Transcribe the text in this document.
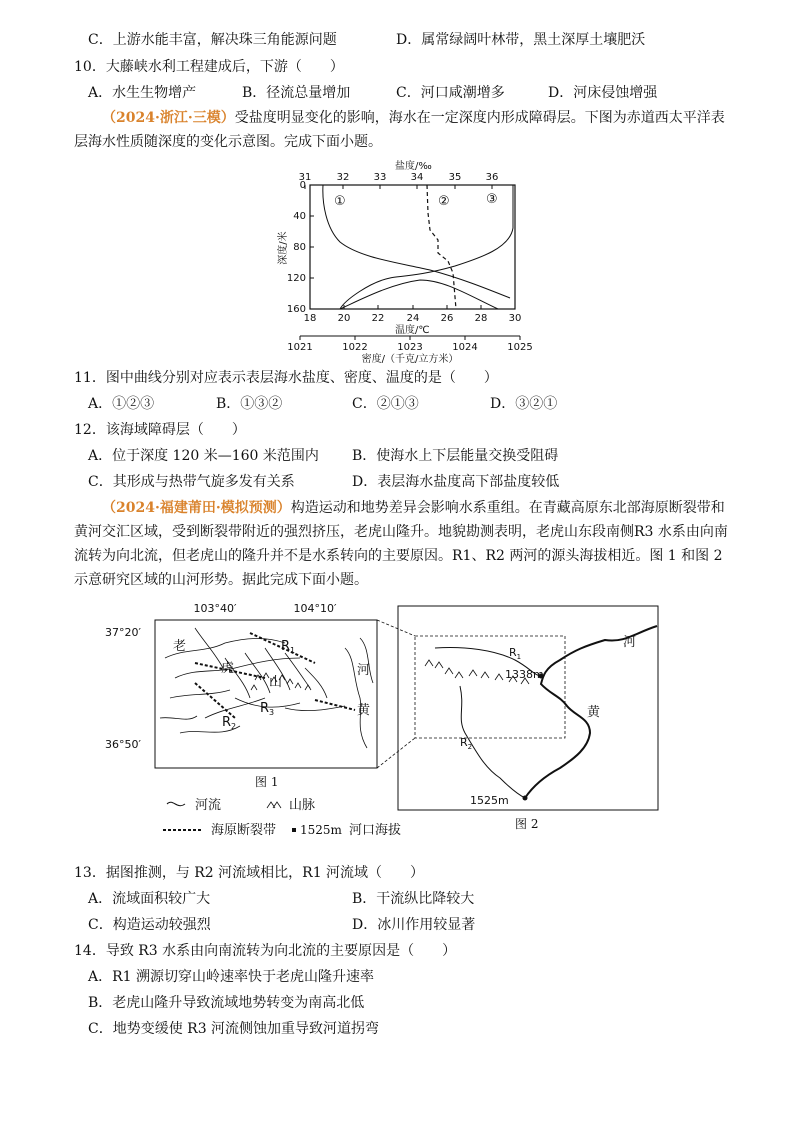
C．上游水能丰富，解决珠三角能源问题	D．属常绿阔叶林带，黑土深厚土壤肥沃
10．大藤峡水利工程建成后，下游（　　）
A．水生生物增产	B．径流总量增加	C．河口咸潮增多	D．河床侵蚀增强
（2024·浙江·三模）受盐度明显变化的影响，海水在一定深度内形成障碍层。下图为赤道西太平洋表层海水性质随深度的变化示意图。完成下面小题。
盐度/‰
31	32 33 34	35 36
0
40
80
120
160
深度/米
①	②	③
18 20 22 24 26 28 30
温度/℃
1021	1022	1023	1024	1025
密度/（千克/立方米）
11．图中曲线分别对应表示表层海水盐度、密度、温度的是（　　）
A．①②③	B．①③②	C．②①③	D．③②①
12．该海域障碍层（　　）
A．位于深度 120 米—160 米范围内 B．使海水上下层能量交换受阻碍
C．其形成与热带气旋多发有关系	D．表层海水盐度高下部盐度较低
（2024·福建莆田·模拟预测）构造运动和地势差异会影响水系重组。在青藏高原东北部海原断裂带和黄河交汇区域，受到断裂带附近的强烈挤压，老虎山隆升。地貌勘测表明，老虎山东段南侧R3 水系由向南流转为向北流，但老虎山的隆升并不是水系转向的主要原因。R1、R2 两河的源头海拔相近。图 1 和图 2 示意研究区域的山河形势。据此完成下面小题。
103°40′	104°10′
37°20′
36°50′
老
虎
山
河
黄
$R_1$
$R_3$
$R_2$
图 1
$R_1$
$R_2$
1338m
1525m
河
黄
图 2
河流	山脉
海原断裂带 1525m 河口海拔
13．据图推测，与 R2 河流域相比，R1 河流域（　　）
A．流域面积较广大	B．干流纵比降较大
C．构造运动较强烈	D．冰川作用较显著
14．导致 R3 水系由向南流转为向北流的主要原因是（　　）
A．R1 溯源切穿山岭速率快于老虎山隆升速率
B．老虎山隆升导致流域地势转变为南高北低
C．地势变缓使 R3 河流侧蚀加重导致河道拐弯
